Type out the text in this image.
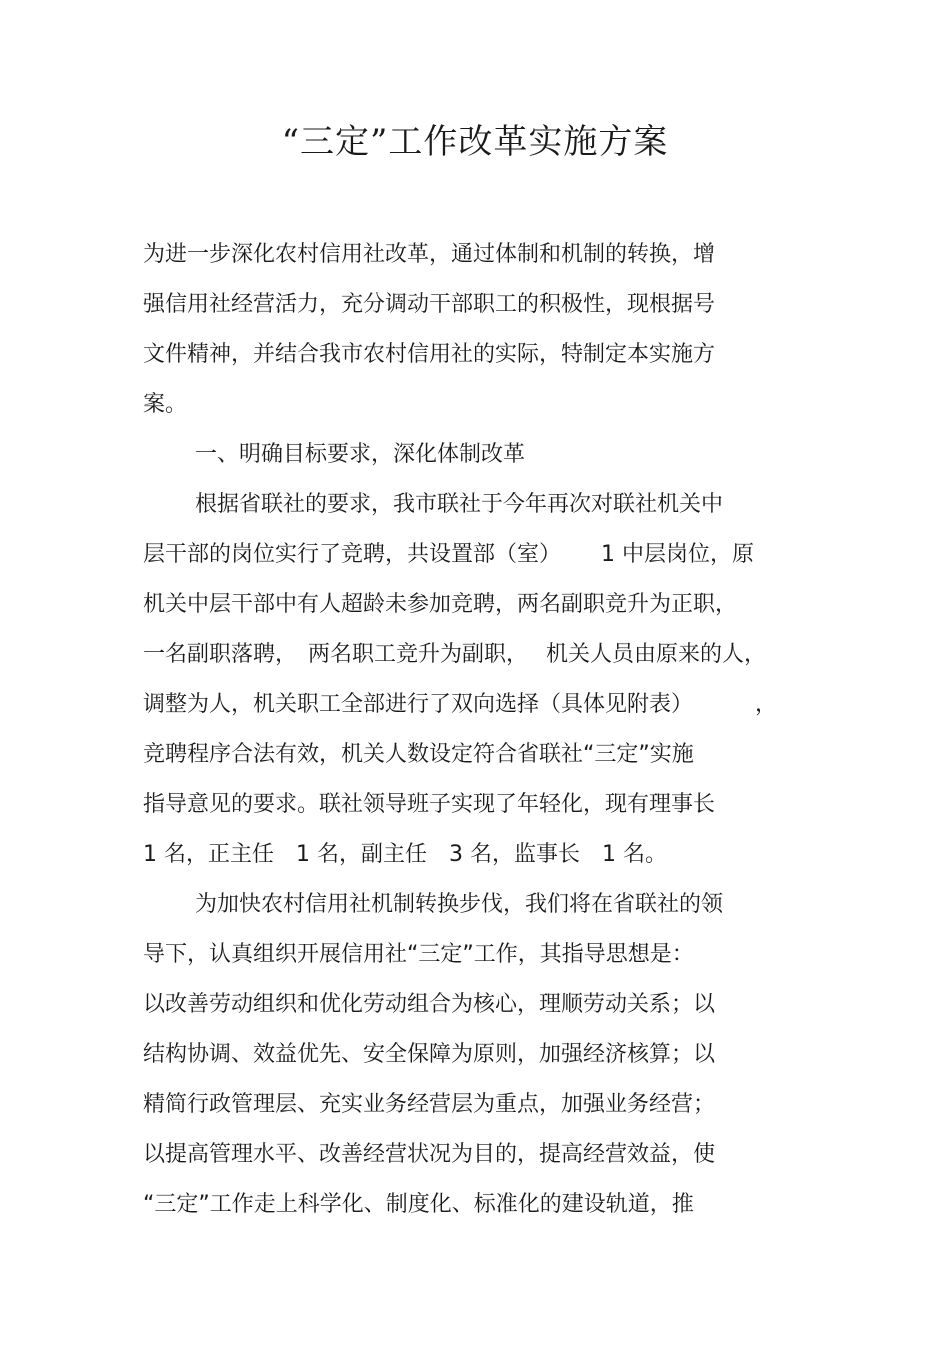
“三定”工作改革实施方案
为进一步深化农村信用社改革，通过体制和机制的转换，增
强信用社经营活力，充分调动干部职工的积极性，现根据号
文件精神，并结合我市农村信用社的实际，特制定本实施方
案。
一、明确目标要求，深化体制改革
根据省联社的要求，我市联社于今年再次对联社机关中
层干部的岗位实行了竞聘，共设置部（室）　　 1 中层岗位，原
机关中层干部中有人超龄未参加竞聘，两名副职竞升为正职，
一名副职落聘，　两名职工竞升为副职，　 机关人员由原来的人，
调整为人，机关职工全部进行了双向选择（具体见附表）　　　 ，
竞聘程序合法有效，机关人数设定符合省联社“三定”实施
指导意见的要求。联社领导班子实现了年轻化，现有理事长
1 名，正主任　1 名，副主任　3 名，监事长　1 名。
为加快农村信用社机制转换步伐，我们将在省联社的领
导下，认真组织开展信用社“三定”工作，其指导思想是：
以改善劳动组织和优化劳动组合为核心，理顺劳动关系；以
结构协调、效益优先、安全保障为原则，加强经济核算；以
精简行政管理层、充实业务经营层为重点，加强业务经营；
以提高管理水平、改善经营状况为目的，提高经营效益，使
“三定”工作走上科学化、制度化、标准化的建设轨道，推
